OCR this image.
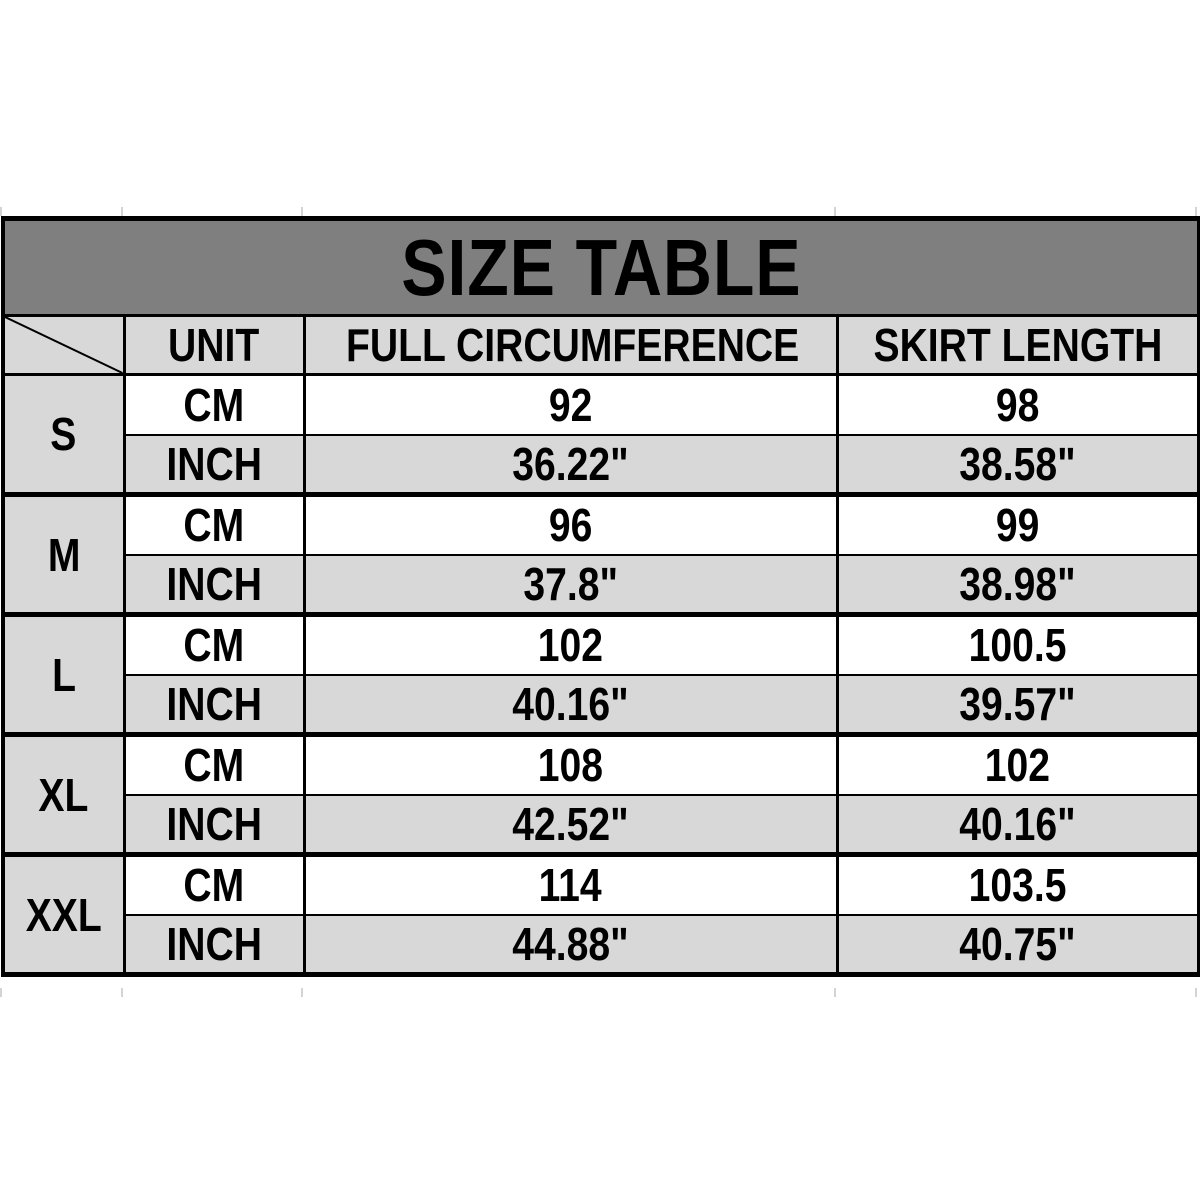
SIZE TABLE			

	UNIT	FULL CIRCUMFERENCE	SKIRT LENGTH
S	CM	92	98
	INCH	36.22"	38.58"
M	CM	96	99
	INCH	37.8"	38.98"
L	CM	102	100.5
	INCH	40.16"	39.57"
XL	CM	108	102
	INCH	42.52"	40.16"
XXL	CM	114	103.5
	INCH	44.88"	40.75"
